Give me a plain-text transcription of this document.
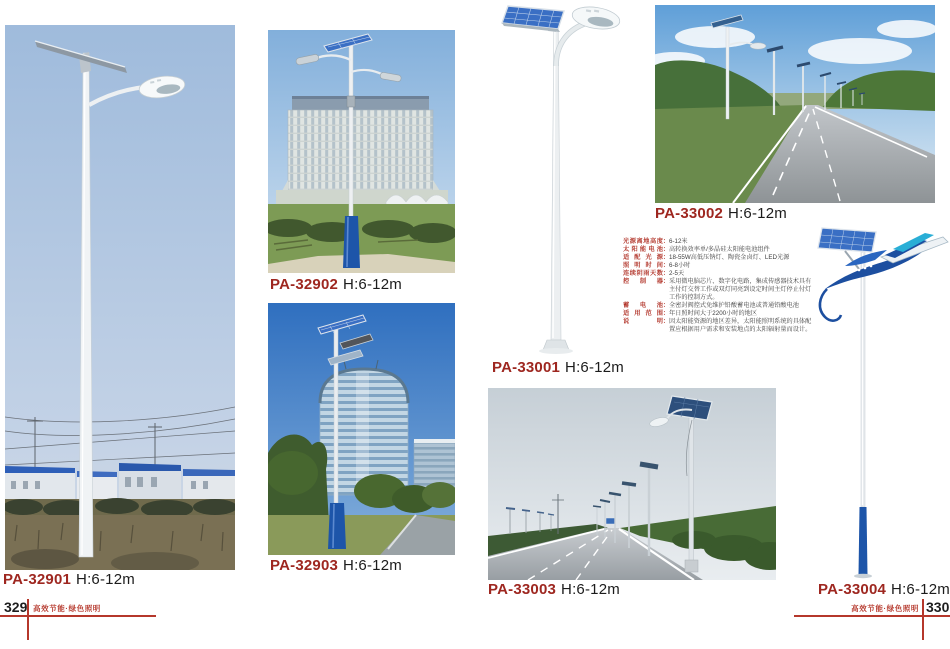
光源离地高度 ： 6-12米
太阳能电池 ： 高转换效率单/多晶硅太阳能电池组件
适配光源 ： 18-55W高低压钠灯、陶瓷金卤灯、LED光源
照明时间 ： 6-8小时
连续阴雨天数 ： 2-5天
控制器 ： 采用微电脑芯片、数字化电路，集成传感器技术具有主付灯交替工作或双灯同亮到设定时间主灯停止付灯工作的控制方式。
蓄电池 ： 全密封阀控式免维护铅酸蓄电池或普通铅酸电池
适用范围 ： 年日照时间大于2200小时的地区
说明 ： 因太阳能资源的地区差异，太阳能照明系统的具体配置应根据用户需求和安装地点的太阳辐射量而设计。
PA-32901 H:6-12m
PA-32902 H:6-12m
PA-32903 H:6-12m
PA-33001 H:6-12m
PA-33002 H:6-12m
PA-33003 H:6-12m	PA-33004 H:6-12m
329 高效节能·绿色照明	高效节能·绿色照明 330
